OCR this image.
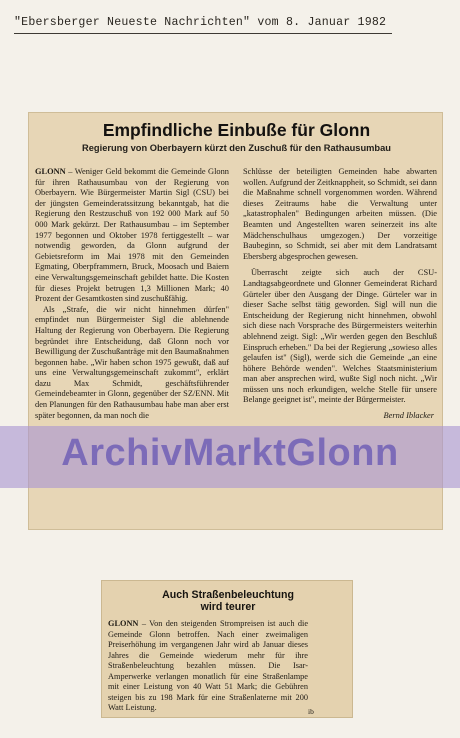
"Ebersberger Neueste Nachrichten" vom 8. Januar 1982
Empfindliche Einbuße für Glonn
Regierung von Oberbayern kürzt den Zuschuß für den Rathausumbau

GLONN – Weniger Geld bekommt die Gemeinde Glonn für ihren Rathausumbau von der Regierung von Oberbayern. Wie Bürgermeister Martin Sigl (CSU) bei der jüngsten Gemeinderatssitzung bekanntgab, hat die Regierung den Restzuschuß von 192 000 Mark auf 50 000 Mark gekürzt. Der Rathausumbau – im September 1977 begonnen und Oktober 1978 fertiggestellt – war notwendig geworden, da Glonn aufgrund der Gebietsreform im Mai 1978 mit den Gemeinden Egmating, Oberpframmern, Bruck, Moosach und Baiern eine Verwaltungsgemeinschaft gebildet hatte. Die Kosten für dieses Projekt betrugen 1,3 Millionen Mark; 40 Prozent der Gesamtkosten sind zuschußfähig.

Als „Strafe, die wir nicht hinnehmen dürfen" empfindet nun Bürgermeister Sigl die ablehnende Haltung der Regierung von Oberbayern. Die Regierung begründet ihre Entscheidung, daß Glonn noch vor Bewilligung der Zuschußanträge mit den Baumaßnahmen begonnen habe. „Wir haben schon 1975 gewußt, daß auf uns eine Verwaltungsgemeinschaft zukommt", erklärt dazu Max Schmidt, geschäftsführender Gemeindebeamter in Glonn, gegenüber der SZ/ENN. Mit den Planungen für den Rathausumbau habe man aber erst später begonnen, da man noch die

Schlüsse der beteiligten Gemeinden habe abwarten wollen. Aufgrund der Zeitknappheit, so Schmidt, sei dann die Maßnahme schnell vorgenommen worden. Während dieses Zeitraums habe die Verwaltung unter „katastrophalen" Bedingungen arbeiten müssen. (Die Beamten und Angestellten waren seinerzeit ins alte Mädchenschulhaus umgezogen.) Der vorzeitige Baubeginn, so Schmidt, sei aber mit dem Landratsamt Ebersberg abgesprochen gewesen.

Überrascht zeigte sich auch der CSU-Landtagsabgeordnete und Glonner Gemeinderat Richard Gürteler über den Ausgang der Dinge. Gürteler war in dieser Sache selbst tätig geworden. Sigl will nun die Entscheidung der Regierung nicht hinnehmen, obwohl sich diese nach Vorsprache des Bürgermeisters weiterhin ablehnend zeigt. Sigl: „Wir werden gegen den Beschluß Einspruch erheben." Da bei der Regierung „sowieso alles gelaufen ist" (Sigl), werde sich die Gemeinde „an eine höhere Behörde wenden". Welches Staatsministerium man aber ansprechen wird, wußte Sigl noch nicht. „Wir müssen uns noch erkundigen, welche Stelle für unsere Belange geeignet ist", meinte der Bürgermeister.

Bernd Iblacker
ArchivMarktGlonn
Auch Straßenbeleuchtung
wird teurer

GLONN – Von den steigenden Strompreisen ist auch die Gemeinde Glonn betroffen. Nach einer zweimaligen Preiserhöhung im vergangenen Jahr wird ab Januar dieses Jahres die Gemeinde wiederum mehr für ihre Straßenbeleuchtung bezahlen müssen. Die Isar-Amperwerke verlangen monatlich für eine Straßenlampe mit einer Leistung von 40 Watt 51 Mark; die Gebühren steigen bis zu 198 Mark für eine Straßenlaterne mit 200 Watt Leistung.	ib
